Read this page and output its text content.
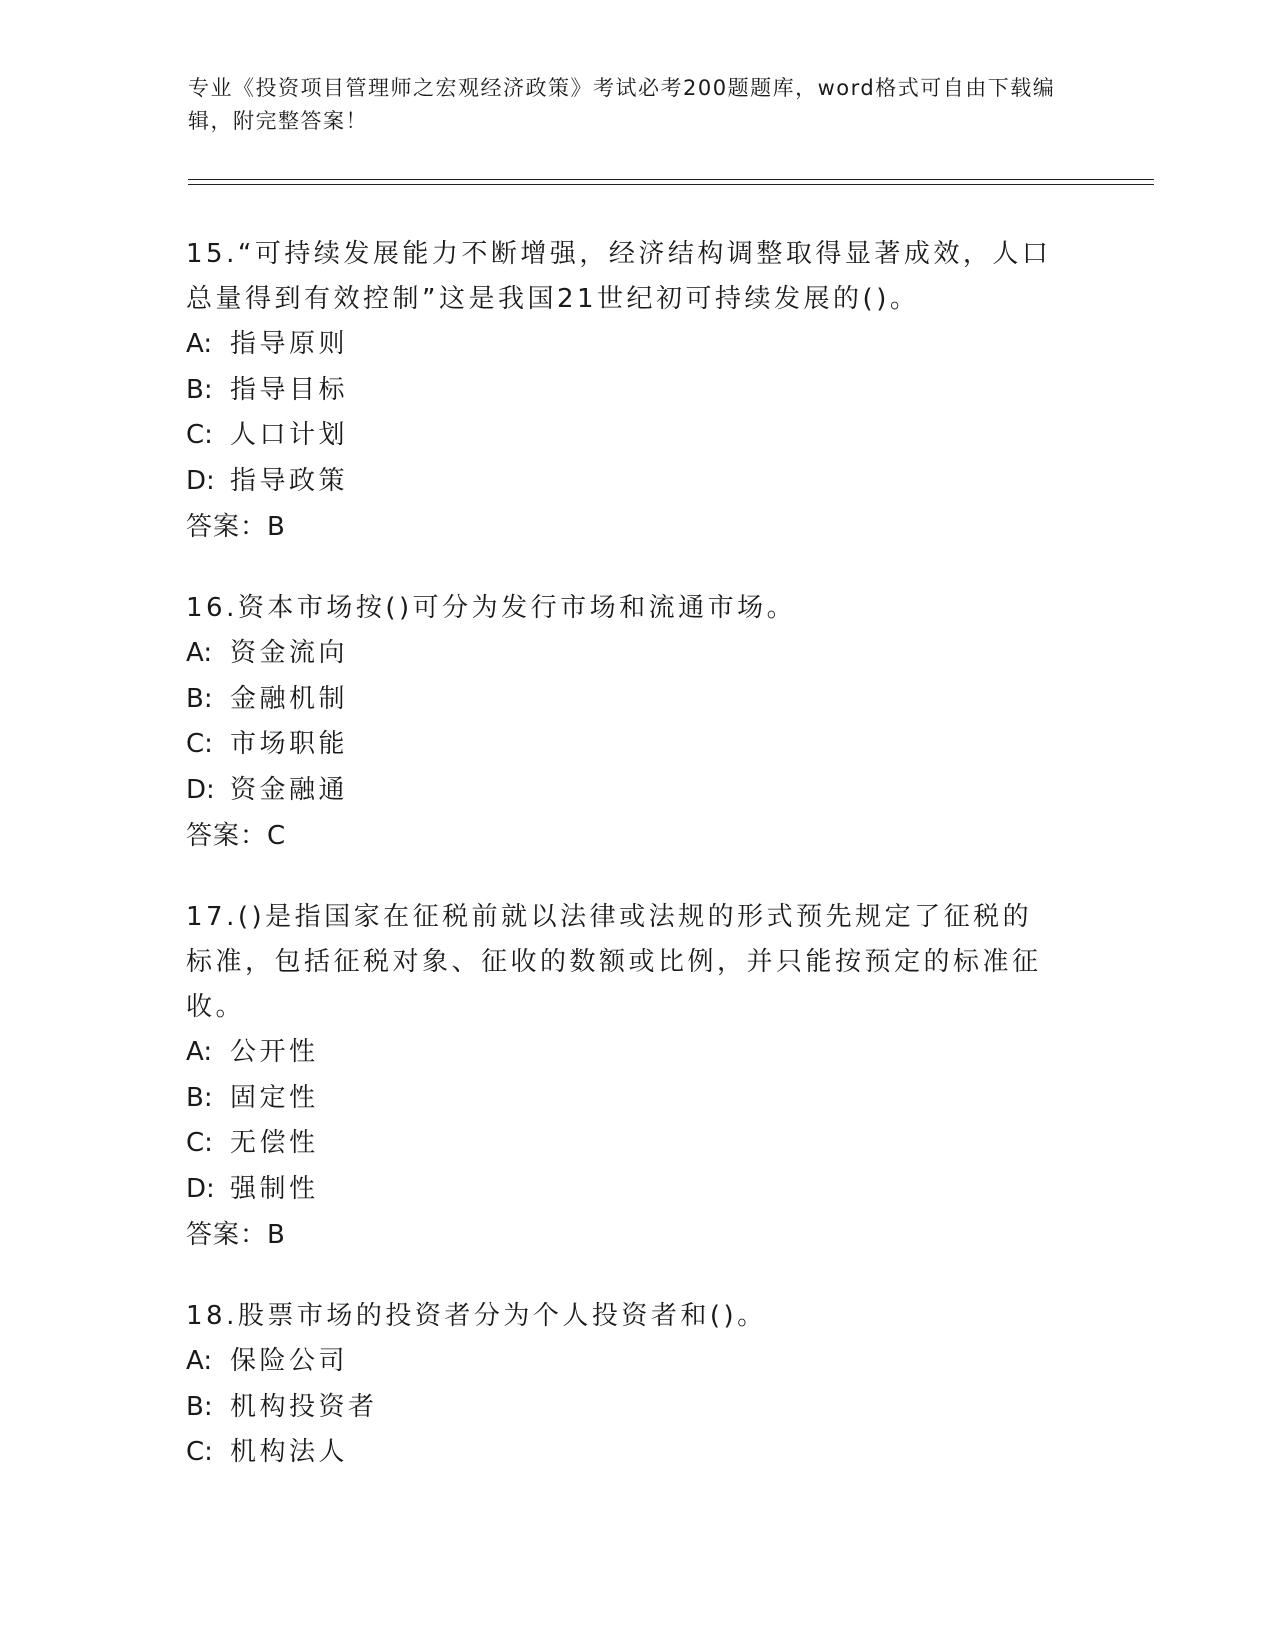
专业《投资项目管理师之宏观经济政策》考试必考200题题库，word格式可自由下载编辑，附完整答案！
15.“可持续发展能力不断增强，经济结构调整取得显著成效，人口总量得到有效控制”这是我国21世纪初可持续发展的()。
A: 指导原则
B: 指导目标
C: 人口计划
D: 指导政策
答案：B
16.资本市场按()可分为发行市场和流通市场。
A: 资金流向
B: 金融机制
C: 市场职能
D: 资金融通
答案：C
17.()是指国家在征税前就以法律或法规的形式预先规定了征税的标准，包括征税对象、征收的数额或比例，并只能按预定的标准征收。
A: 公开性
B: 固定性
C: 无偿性
D: 强制性
答案：B
18.股票市场的投资者分为个人投资者和()。
A: 保险公司
B: 机构投资者
C: 机构法人
